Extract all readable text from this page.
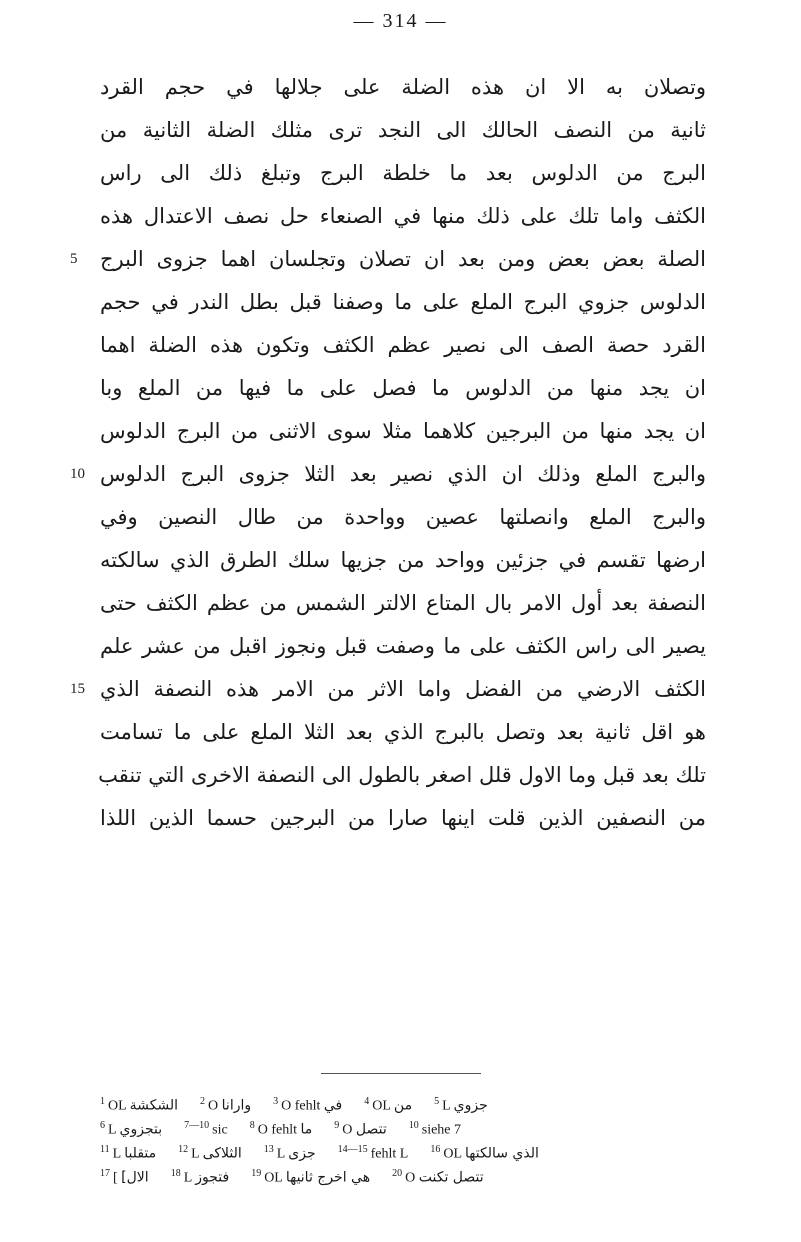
— 314 —
وتصلان به الا ان هذه الضلة على جلالها في حجم القرد
ثانية من النصف الحالك الى النجد ترى مثلك الضلة الثانية من
البرج من الدلوس بعد ما خلطة البرج وتبلغ ذلك الى راس
الكثف واما تلك على ذلك منها في الصنعاء حل نصف الاعتدال هذه
الصلة بعض بعض ومن بعد ان تصلان وتجلسان اهما جزوى البرج
5
الدلوس جزوي البرج الملع على ما وصفنا قبل بطل الندر في حجم
القرد حصة الصف الى نصير عظم الكثف وتكون هذه الضلة اهما
ان يجد منها من الدلوس ما فصل على ما فيها من الملع وبا
ان يجد منها من البرجين كلاهما مثلا سوى الاثنى من البرج الدلوس
والبرج الملع وذلك ان الذي نصير بعد الثلا جزوى البرج الدلوس
10
والبرج الملع وانصلتها عصين وواحدة من طال النصين وفي
ارضها تقسم في جزئين وواحد من جزيها سلك الطرق الذي سالكته
النصفة بعد أول الامر بال المتاع الالتر الشمس من عظم الكثف حتى
يصير الى راس الكثف على ما وصفت قبل ونجوز اقبل من عشر علم
الكثف الارضي من الفضل واما الاثر من الامر هذه النصفة الذي
15
هو اقل ثانية بعد وتصل بالبرج الذي بعد الثلا الملع على ما تسامت
تلك بعد قبل وما الاول قلل اصغر بالطول الى النصفة الاخرى التي تنقب
من النصفين الذين قلت اينها صارا من البرجين حسما الذين اللذا
$^1$ OL الشكشة $^2$ O وارانا $^3$ O fehlt في $^4$ OL من $^5$ L جزوي
$^6$ L بتجزوي $^{7—10}$ sic $^8$ O fehlt ما $^9$ O تتصل $^{10}$ siehe 7
$^{11}$ L متقلبا $^{12}$ L الثلاكى $^{13}$ L جزى $^{14—15}$ fehlt L $^{16}$ OL الذي سالكتها
$^{17}$ [ الال] $^{18}$ L فتجوز $^{19}$ OL هي اخرج ثانيها $^{20}$ O تتصل تكنت
